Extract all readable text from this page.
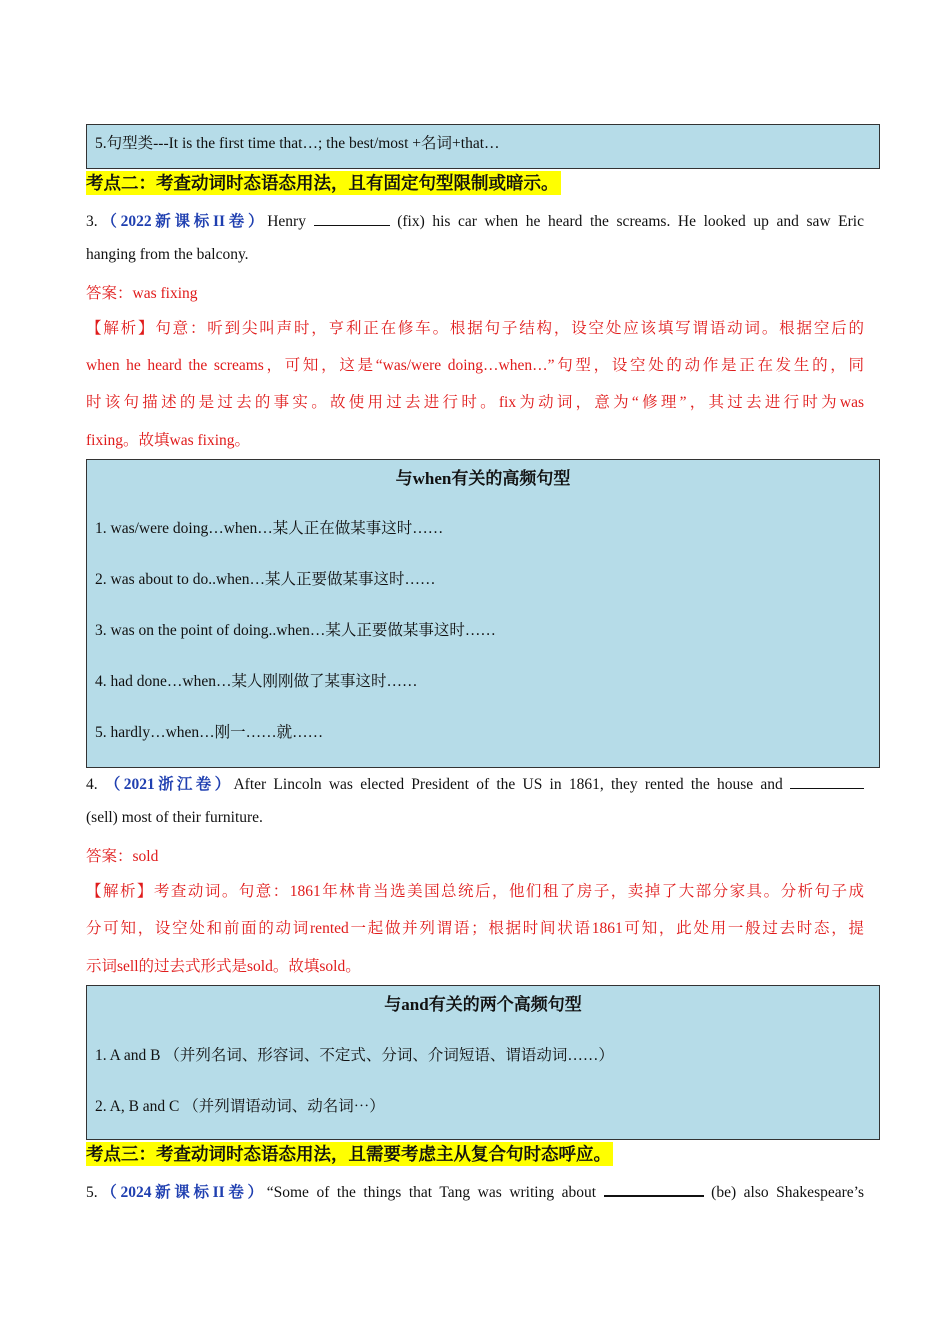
5.句型类---It is the first time that…; the best/most +名词+that…
考点二：考查动词时态语态用法，且有固定句型限制或暗示。
3.（2022新课标II卷）Henry	(fix) his car when he heard the screams. He looked up and saw Eric
hanging from the balcony.
答案：was fixing
【解析】句意：听到尖叫声时，亨利正在修车。根据句子结构，设空处应该填写谓语动词。根据空后的
when he heard the screams，可知，这是“was/were doing…when…”句型，设空处的动作是正在发生的，同
时该句描述的是过去的事实。故使用过去进行时。fix为动词，意为“修理”，其过去进行时为was
fixing。故填was fixing。
与when有关的高频句型
1. was/were doing…when…某人正在做某事这时……
2. was about to do..when…某人正要做某事这时……
3. was on the point of doing..when…某人正要做某事这时……
4. had done…when…某人刚刚做了某事这时……
5. hardly…when…刚一……就……
4. （2021浙江卷）After Lincoln was elected President of the US in 1861, they rented the house and
(sell) most of their furniture.
答案：sold
【解析】考查动词。句意：1861年林肯当选美国总统后，他们租了房子，卖掉了大部分家具。分析句子成
分可知，设空处和前面的动词rented一起做并列谓语；根据时间状语1861可知，此处用一般过去时态，提
示词sell的过去式形式是sold。故填sold。
与and有关的两个高频句型
1. A and B （并列名词、形容词、不定式、分词、介词短语、谓语动词……）
2. A, B and C （并列谓语动词、动名词⋯）
考点三：考查动词时态语态用法，且需要考虑主从复合句时态呼应。
5.（2024新课标II卷）“Some of the things that Tang was writing about	(be) also Shakespeare’s
